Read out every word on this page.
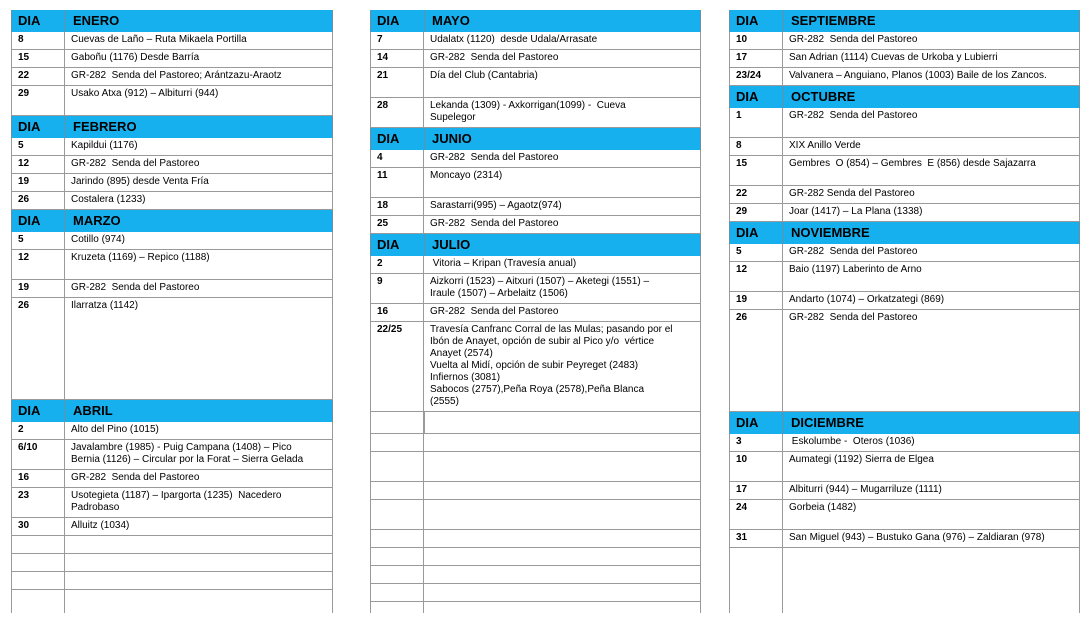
DIA	ENERO
8	Cuevas de Laño – Ruta Mikaela Portilla
15	Gaboñu (1176) Desde Barría
22	GR-282  Senda del Pastoreo; Arántzazu-Araotz
29	Usako Atxa (912) – Albiturri (944)

DIA	FEBRERO
5	Kapildui (1176)
12	GR-282  Senda del Pastoreo
19	Jarindo (895) desde Venta Fría
26	Costalera (1233)
DIA	MARZO
5	Cotillo (974)
12	Kruzeta (1169) – Repico (1188)

19	GR-282  Senda del Pastoreo
26	Ilarratza (1142)

DIA	ABRIL
2	Alto del Pino (1015)
6/10	Javalambre (1985) - Puig Campana (1408) – Pico
Bernia (1126) – Circular por la Forat – Sierra Gelada
16	GR-282  Senda del Pastoreo
23	Usotegieta (1187) – Ipargorta (1235)  Nacedero
Padrobaso
30	Alluitz (1034)

DIA	MAYO
7	Udalatx (1120)  desde Udala/Arrasate
14	GR-282  Senda del Pastoreo
21	Día del Club (Cantabria)

28	Lekanda (1309) - Axkorrigan(1099) -  Cueva
Supelegor
DIA	JUNIO
4	GR-282  Senda del Pastoreo
11	Moncayo (2314)

18	Sarastarri(995) – Agaotz(974)
25	GR-282  Senda del Pastoreo
DIA	JULIO
2	Vitoria – Kripan (Travesía anual)
9	Aizkorri (1523) – Aitxuri (1507) – Aketegi (1551) –
Iraule (1507) – Arbelaitz (1506)
16	GR-282  Senda del Pastoreo
22/25	Travesía Canfranc Corral de las Mulas; pasando por el
Ibón de Anayet, opción de subir al Pico y/o  vértice
Anayet (2574)
Vuelta al Midí, opción de subir Peyreget (2483)
Infiernos (3081)
Sabocos (2757),Peña Roya (2578),Peña Blanca
(2555)

DIA	SEPTIEMBRE
10	GR-282  Senda del Pastoreo
17	San Adrian (1114) Cuevas de Urkoba y Lubierri
23/24	Valvanera – Anguiano, Planos (1003) Baile de los Zancos.
DIA	OCTUBRE
1	GR-282  Senda del Pastoreo

8	XIX Anillo Verde
15	Gembres  O (854) – Gembres  E (856) desde Sajazarra

22	GR-282 Senda del Pastoreo
29	Joar (1417) – La Plana (1338)
DIA	NOVIEMBRE
5	GR-282  Senda del Pastoreo
12	Baio (1197) Laberinto de Arno

19	Andarto (1074) – Orkatzategi (869)
26	GR-282  Senda del Pastoreo

DIA	DICIEMBRE
3	Eskolumbe -  Oteros (1036)
10	Aumategi (1192) Sierra de Elgea

17	Albiturri (944) – Mugarriluze (1111)
24	Gorbeia (1482)

31	San Miguel (943) – Bustuko Gana (976) – Zaldiaran (978)
